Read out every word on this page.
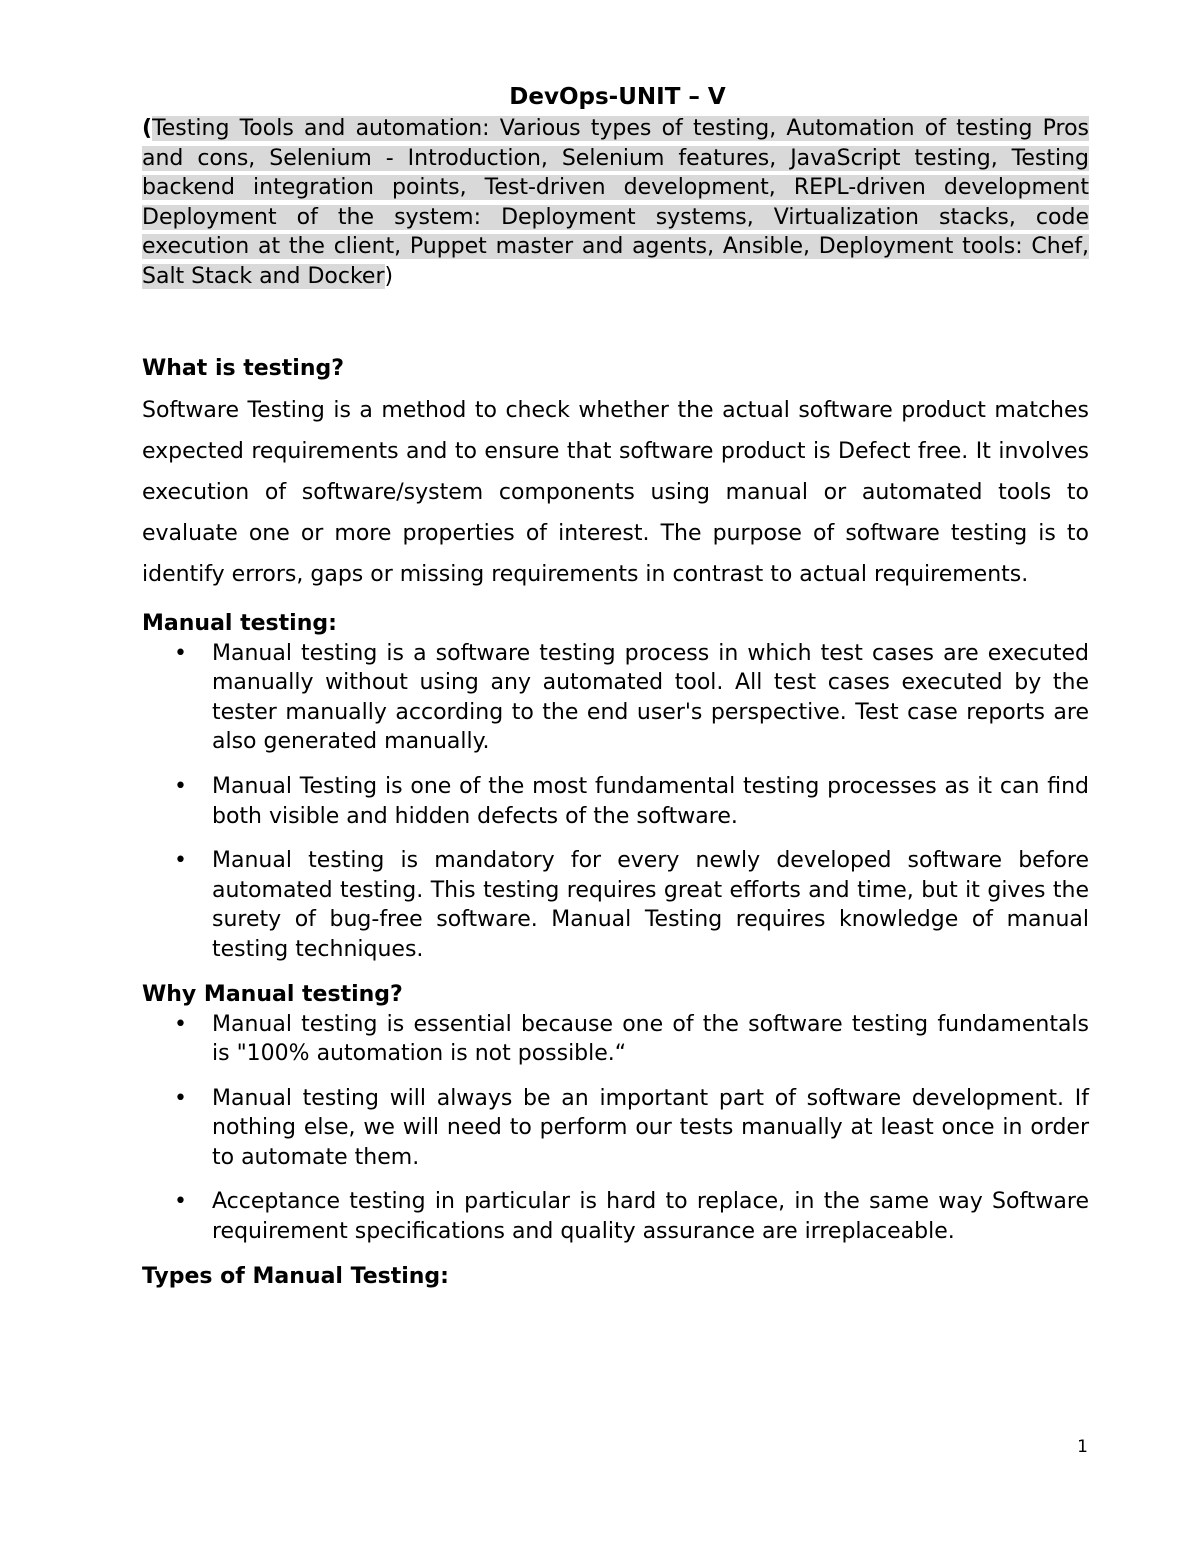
DevOps-UNIT – V

(Testing Tools and automation: Various types of testing, Automation of testing Pros and cons, Selenium - Introduction, Selenium features, JavaScript testing, Testing backend integration points, Test-driven development, REPL-driven development Deployment of the system: Deployment systems, Virtualization stacks, code execution at the client, Puppet master and agents, Ansible, Deployment tools: Chef, Salt Stack and Docker)

What is testing?

Software Testing is a method to check whether the actual software product matches expected requirements and to ensure that software product is Defect free. It involves execution of software/system components using manual or automated tools to evaluate one or more properties of interest. The purpose of software testing is to identify errors, gaps or missing requirements in contrast to actual requirements.

Manual testing:
• Manual testing is a software testing process in which test cases are executed manually without using any automated tool. All test cases executed by the tester manually according to the end user's perspective. Test case reports are also generated manually.
• Manual Testing is one of the most fundamental testing processes as it can find both visible and hidden defects of the software.
• Manual testing is mandatory for every newly developed software before automated testing. This testing requires great efforts and time, but it gives the surety of bug-free software. Manual Testing requires knowledge of manual testing techniques.
Why Manual testing?
• Manual testing is essential because one of the software testing fundamentals is "100% automation is not possible.“
• Manual testing will always be an important part of software development. If nothing else, we will need to perform our tests manually at least once in order to automate them.
• Acceptance testing in particular is hard to replace, in the same way Software requirement specifications and quality assurance are irreplaceable.
Types of Manual Testing:
1
